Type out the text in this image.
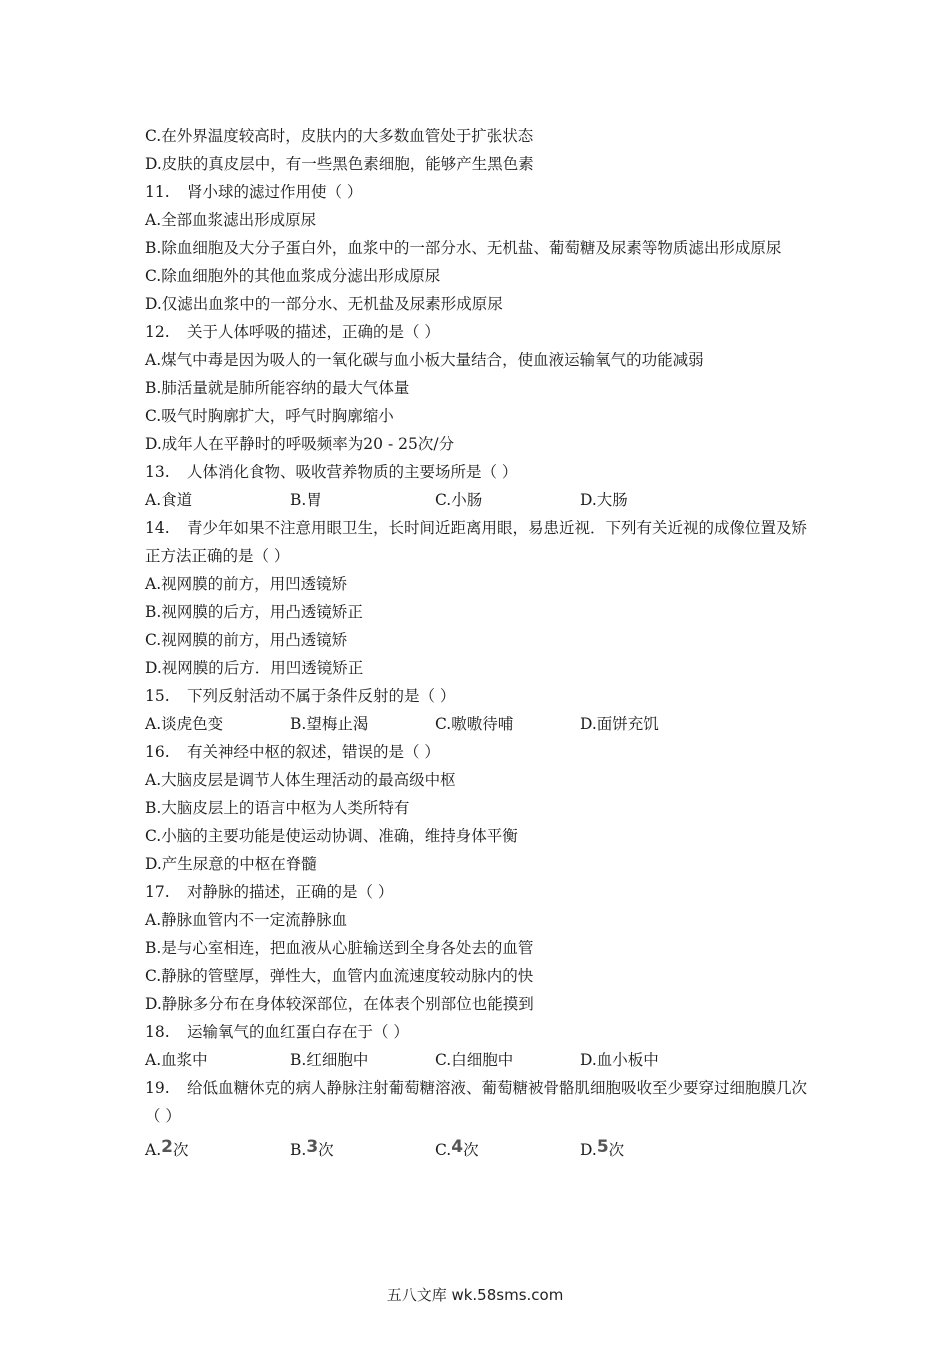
C.在外界温度较高时，皮肤内的大多数血管处于扩张状态
D.皮肤的真皮层中，有一些黑色素细胞，能够产生黑色素
11. 肾小球的滤过作用使（ ）
A.全部血浆滤出形成原尿
B.除血细胞及大分子蛋白外，血浆中的一部分水、无机盐、葡萄糖及尿素等物质滤出形成原尿
C.除血细胞外的其他血浆成分滤出形成原尿
D.仅滤出血浆中的一部分水、无机盐及尿素形成原尿
12. 关于人体呼吸的描述，正确的是（ ）
A.煤气中毒是因为吸人的一氧化碳与血小板大量结合，使血液运输氧气的功能减弱
B.肺活量就是肺所能容纳的最大气体量
C.吸气时胸廓扩大，呼气时胸廓缩小
D.成年人在平静时的呼吸频率为20 - 25次/分
13. 人体消化食物、吸收营养物质的主要场所是（ ）
A.食道	B.胃	C.小肠	D.大肠
14. 青少年如果不注意用眼卫生，长时间近距离用眼，易患近视．下列有关近视的成像位置及矫正方法正确的是（ ）
A.视网膜的前方，用凹透镜矫
B.视网膜的后方，用凸透镜矫正
C.视网膜的前方，用凸透镜矫
D.视网膜的后方．用凹透镜矫正
15. 下列反射活动不属于条件反射的是（ ）
A.谈虎色变	B.望梅止渴	C.嗷嗷待哺	D.面饼充饥
16. 有关神经中枢的叙述，错误的是（ ）
A.大脑皮层是调节人体生理活动的最高级中枢
B.大脑皮层上的语言中枢为人类所特有
C.小脑的主要功能是使运动协调、准确，维持身体平衡
D.产生尿意的中枢在脊髓
17. 对静脉的描述，正确的是（ ）
A.静脉血管内不一定流静脉血
B.是与心室相连，把血液从心脏输送到全身各处去的血管
C.静脉的管壁厚，弹性大，血管内血流速度较动脉内的快
D.静脉多分布在身体较深部位，在体表个别部位也能摸到
18. 运输氧气的血红蛋白存在于（ ）
A.血浆中	B.红细胞中	C.白细胞中	D.血小板中
19. 给低血糖休克的病人静脉注射葡萄糖溶液、葡萄糖被骨骼肌细胞吸收至少要穿过细胞膜几次（ ）
A.2次	B.3次	C.4次	D.5次
五八文库 wk.58sms.com
